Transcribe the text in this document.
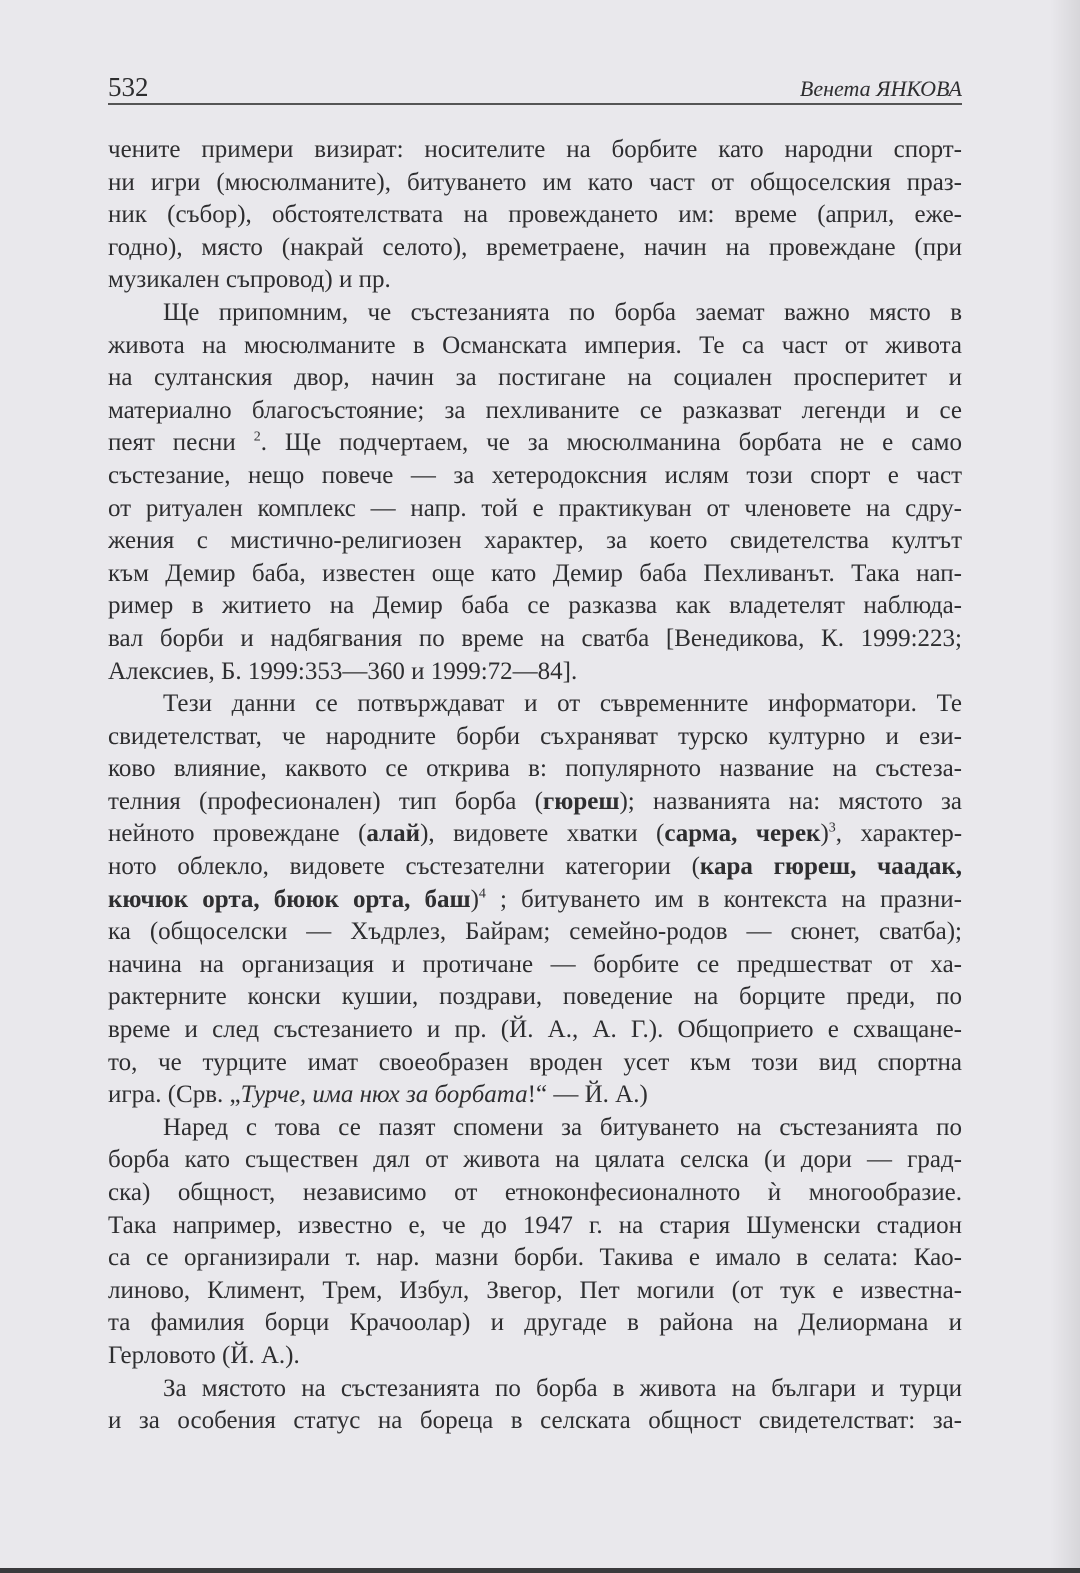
532	Венета ЯНКОВА
чените примери визират: носителите на борбите като народни спорт-
ни игри (мюсюлманите), битуването им като част от общоселския праз-
ник (събор), обстоятелствата на провеждането им: време (април, еже-
годно), място (накрай селото), времетраене, начин на провеждане (при
музикален съпровод) и пр.
Ще припомним, че състезанията по борба заемат важно място в
живота на мюсюлманите в Османската империя. Те са част от живота
на султанския двор, начин за постигане на социален просперитет и
материално благосъстояние; за пехливаните се разказват легенди и се
пеят песни $^2$. Ще подчертаем, че за мюсюлманина борбата не е само
състезание, нещо повече — за хетеродоксния ислям този спорт е част
от ритуален комплекс — напр. той е практикуван от членовете на сдру-
жения с мистично-религиозен характер, за което свидетелства култът
към Демир баба, известен още като Демир баба Пехливанът. Така нап-
ример в житието на Демир баба се разказва как владетелят наблюда-
вал борби и надбягвания по време на сватба [Венедикова, К. 1999:223;
Алексиев, Б. 1999:353—360 и 1999:72—84].
Тези данни се потвърждават и от съвременните информатори. Те
свидетелстват, че народните борби съхраняват турско културно и ези-
ково влияние, каквото се открива в: популярното название на състеза-
телния (професионален) тип борба (гюреш); названията на: мястото за
нейното провеждане (алай), видовете хватки (сарма, черек)$^3$, характер-
ното облекло, видовете състезателни категории (кара гюреш, чаадак,
кючюк орта, бююк орта, баш)$^4$ ; битуването им в контекста на празни-
ка (общоселски — Хъдрлез, Байрам; семейно-родов — сюнет, сватба);
начина на организация и протичане — борбите се предшестват от ха-
рактерните конски кушии, поздрави, поведение на борците преди, по
време и след състезанието и пр. (Й. А., А. Г.). Общоприето е схващане-
то, че турците имат своеобразен вроден усет към този вид спортна
игра. (Срв. „Турче, има нюх за борбата!“ — Й. А.)
Наред с това се пазят спомени за битуването на състезанията по
борба като съществен дял от живота на цялата селска (и дори — град-
ска) общност, независимо от етноконфесионалното ѝ многообразие.
Така например, известно е, че до 1947 г. на стария Шуменски стадион
са се организирали т. нар. мазни борби. Такива е имало в селата: Као-
линово, Климент, Трем, Избул, Звегор, Пет могили (от тук е известна-
та фамилия борци Крачоолар) и другаде в района на Делиормана и
Герловото (Й. А.).
За мястото на състезанията по борба в живота на българи и турци
и за особения статус на бореца в селската общност свидетелстват: за-
